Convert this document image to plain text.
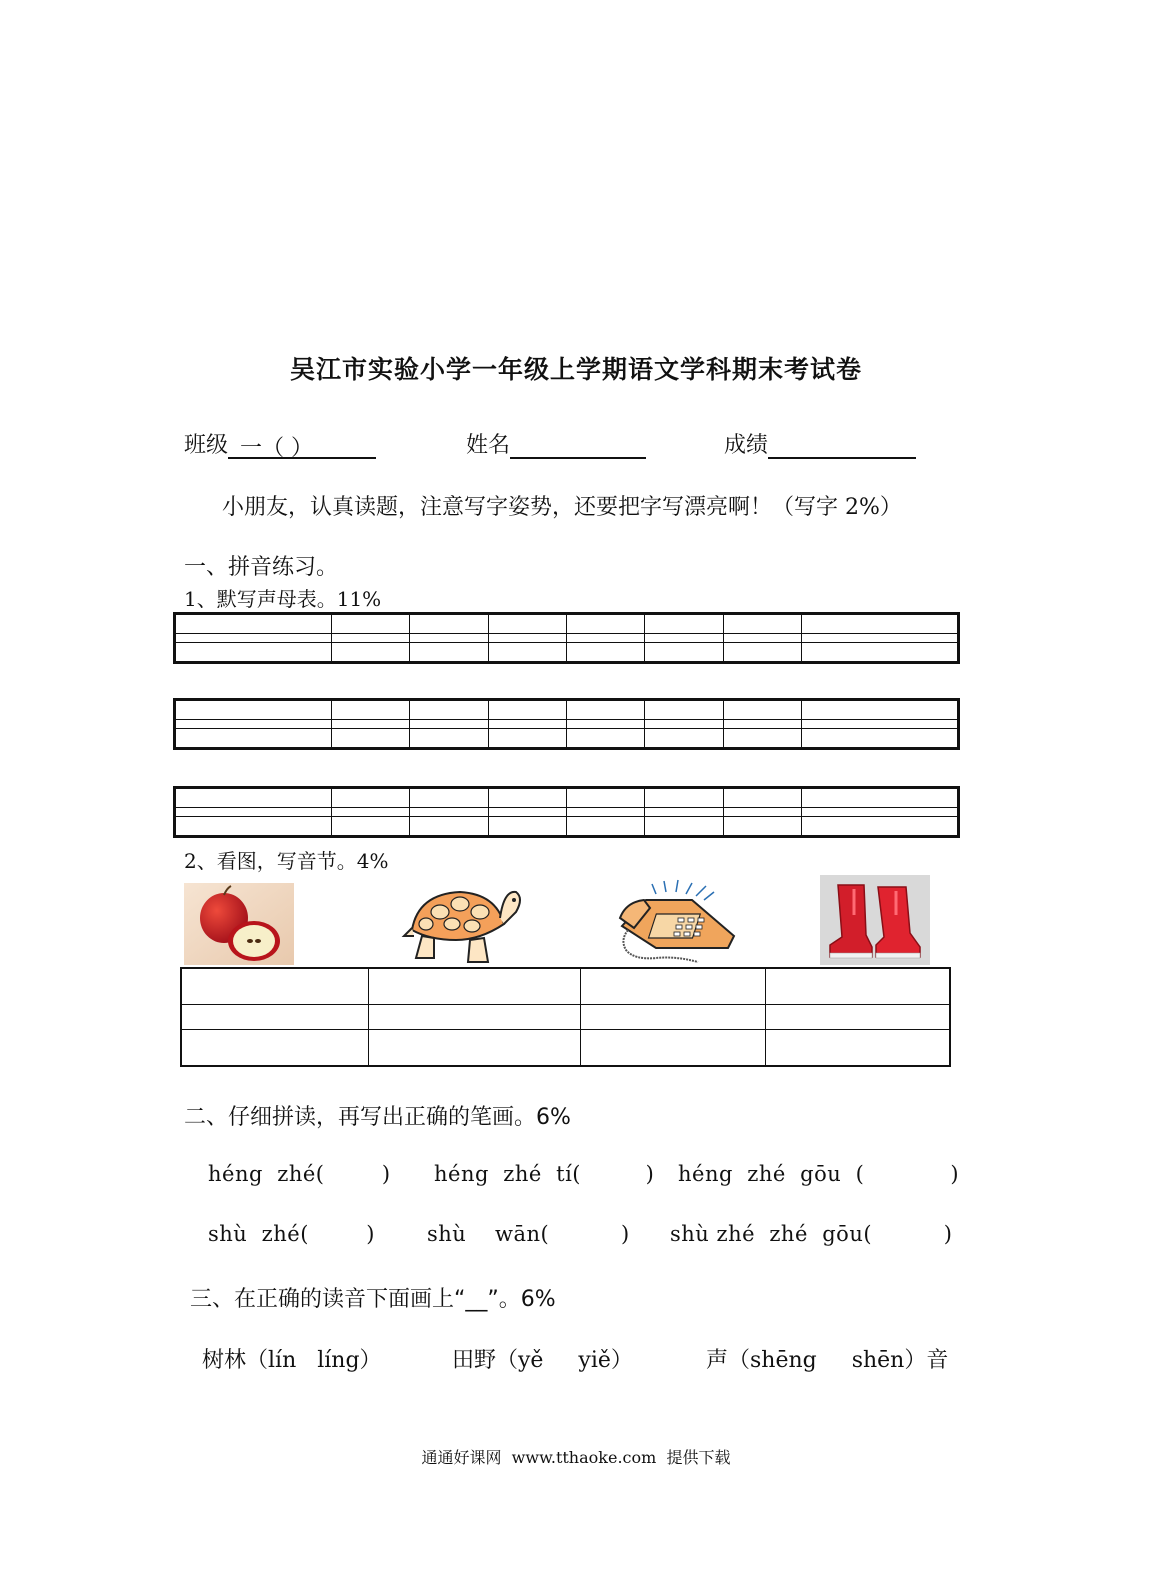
吴江市实验小学一年级上学期语文学科期末考试卷
班级 一（ ）	姓名	成绩
小朋友，认真读题，注意写字姿势，还要把字写漂亮啊！（写字 2%）
一、拼音练习。
1、默写声母表。11%

2、看图，写音节。4%

二、仔细拼读，再写出正确的笔画。6%
héng  zhé(        ) héng  zhé  tí(         ) héng  zhé  gōu  (            )
shù  zhé(        ) shù    wān(          ) shù zhé  zhé  gōu(          )
三、在正确的读音下面画上“__”。6%
树林（lín   líng）	田野（yě     yiě）	声（shēng     shēn）音
通通好课网  www.tthaoke.com  提供下载
